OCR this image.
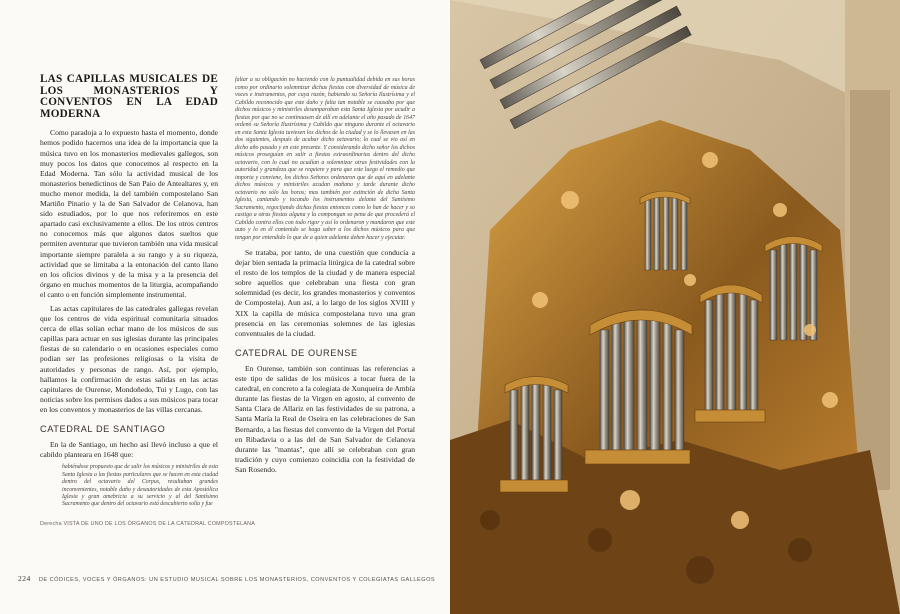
LAS CAPILLAS MUSICALES DE LOS MONASTERIOS Y CONVENTOS EN LA EDAD MODERNA

Como paradoja a lo expuesto hasta el momento, donde hemos podido hacernos una idea de la importancia que la música tuvo en los monasterios medievales gallegos, son muy pocos los datos que conocemos al respecto en la Edad Moderna. Tan sólo la actividad musical de los monasterios benedictinos de San Paio de Antealtares y, en mucho menor medida, la del también compostelano San Martiño Pinario y la de San Salvador de Celanova, han sido estudiados, por lo que nos referiremos en este apartado casi exclusivamente a ellos. De los otros centros no conocemos más que algunos datos sueltos que permiten aventurar que tuvieron también una vida musical importante siempre paralela a su rango y a su riqueza, actividad que se limitaba a la entonación del canto llano en los oficios divinos y de la misa y a la presencia del órgano en muchos momentos de la liturgia, acompañando el canto o en función simplemente instrumental.

Las actas capitulares de las catedrales gallegas revelan que los centros de vida espiritual comunitaria situados cerca de ellas solían echar mano de los músicos de sus capillas para actuar en sus iglesias durante las principales fiestas de su calendario o en ocasiones especiales como podían ser las profesiones religiosas o la visita de autoridades y personas de rango. Así, por ejemplo, hallamos la confirmación de estas salidas en las actas capitulares de Ourense, Mondoñedo, Tui y Lugo, con las noticias sobre los permisos dados a sus músicos para tocar en los conventos y monasterios de las villas cercanas.

CATEDRAL DE SANTIAGO

En la de Santiago, un hecho así llevó incluso a que el cabildo planteara en 1648 que:

habiéndose propuesto que de salir los músicos y ministriles de esta Santa Iglesia a las fiestas particulares que se hacen en esta ciudad dentro del octavario del Corpus, resultaban grandes inconvenientes, notable daño y desautoridades de esta Apostólica Iglesia y gran amebricia a su servicio y al del Santísimo Sacramento que dentro del octavario está descubierto solía y fue

faltar a su obligación no haciendo con la puntualidad debida en sus horas como por ordinario solemnizar dichas fiestas con diversidad de música de voces e instrumentos, por cuya razón, habiendo su Señoría Ilustrísima y el Cabildo reconocido que este daño y falta tan notable se causaba por que dichos músicos y ministriles desamparaban esta Santa Iglesia por acudir a fiestas por que no se continuasen de allí en adelante el año pasado de 1647 ordenó su Señoría Ilustrísima y Cabildo que ninguno durante el octavario en esta Santa Iglesia tuviesen los dichos de la ciudad y se lo llevasen en las dos siguientes, después de acabar dicho octavario; lo cual se vio así en dicho año pasado y en este presente. Y considerando dicho señor los dichos músicos proseguían en salir a fiestas extraordinarias dentro del dicho octavario, con lo cual no acudían a solemnizar otras festividades con la autoridad y grandeza que se requiere y para que este luego el remedio que importa y conviene, los dichos Señores ordenaron que de aquí en adelante dichos músicos y ministriles acudan mañana y tarde durante dicho octavario no sólo las horas; mas también por extinción de dicha Santa Iglesia, cantando y tocando los instrumentos delante del Santísimo Sacramento, regocijando dichas fiestas entonces como lo han de hacer y so castigo a otras fiestas alguna y la compongan so pena de que procederá el Cabildo contra ellos con todo rigor y así lo ordenaron y mandaron que este auto y lo en él contenido se haga saber a los dichos músicos para que tengan por entendido lo que de a quien adelante deben hacer y ejecutar.

Se trataba, por tanto, de una cuestión que conducía a dejar bien sentada la primacía litúrgica de la catedral sobre el resto de los templos de la ciudad y de manera especial sobre aquellos que celebraban una fiesta con gran solemnidad (es decir, los grandes monasterios y conventos de Compostela). Aun así, a lo largo de los siglos XVIII y XIX la capilla de música compostelana tuvo una gran presencia en las ceremonias solemnes de las iglesias conventuales de la ciudad.

CATEDRAL DE OURENSE

En Ourense, también son continuas las referencias a este tipo de salidas de los músicos a tocar fuera de la catedral, en concreto a la colegiata de Xunqueira de Ambía durante las fiestas de la Virgen en agosto, al convento de Santa Clara de Allariz en las festividades de su patrona, a Santa María la Real de Oseira en las celebraciones de San Bernardo, a las fiestas del convento de la Virgen del Portal en Ribadavia o a las del de San Salvador de Celanova durante las "mantas", que allí se celebraban con gran tradición y cuyo comienzo coincidía con la festividad de San Rosendo.

Derecha VISTA DE UNO DE LOS ÓRGANOS DE LA CATEDRAL COMPOSTELANA
224 DE CÓDICES, VOCES Y ÓRGANOS: UN ESTUDIO MUSICAL SOBRE LOS MONASTERIOS, CONVENTOS Y COLEGIATAS GALLEGOS
